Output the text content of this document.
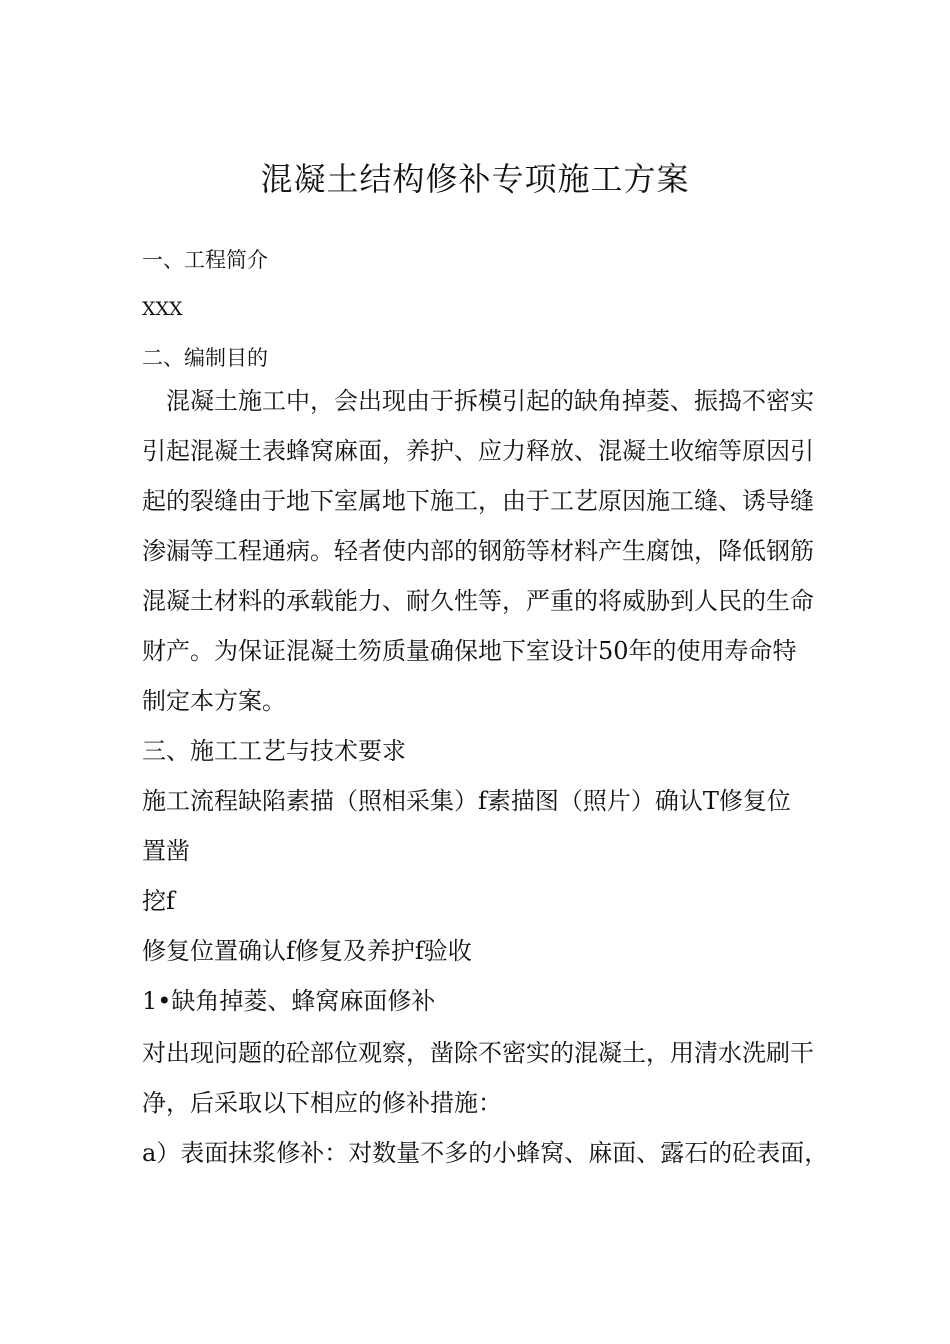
混凝土结构修补专项施工方案
一、工程简介
XXX
二、编制目的
　混凝土施工中，会出现由于拆模引起的缺角掉菱、振捣不密实
引起混凝土表蜂窝麻面，养护、应力释放、混凝土收缩等原因引
起的裂缝由于地下室属地下施工，由于工艺原因施工缝、诱导缝
渗漏等工程通病。轻者使内部的钢筋等材料产生腐蚀，降低钢筋
混凝土材料的承载能力、耐久性等，严重的将威胁到人民的生命
财产。为保证混凝土笏质量确保地下室设计50年的使用寿命特
制定本方案。
三、施工工艺与技术要求
施工流程缺陷素描（照相采集）f素描图（照片）确认T修复位
置凿
挖f
修复位置确认f修复及养护f验收
1•缺角掉菱、蜂窝麻面修补
对出现问题的砼部位观察，凿除不密实的混凝土，用清水洗刷干
净，后采取以下相应的修补措施：
a）表面抹浆修补：对数量不多的小蜂窝、麻面、露石的砼表面，
